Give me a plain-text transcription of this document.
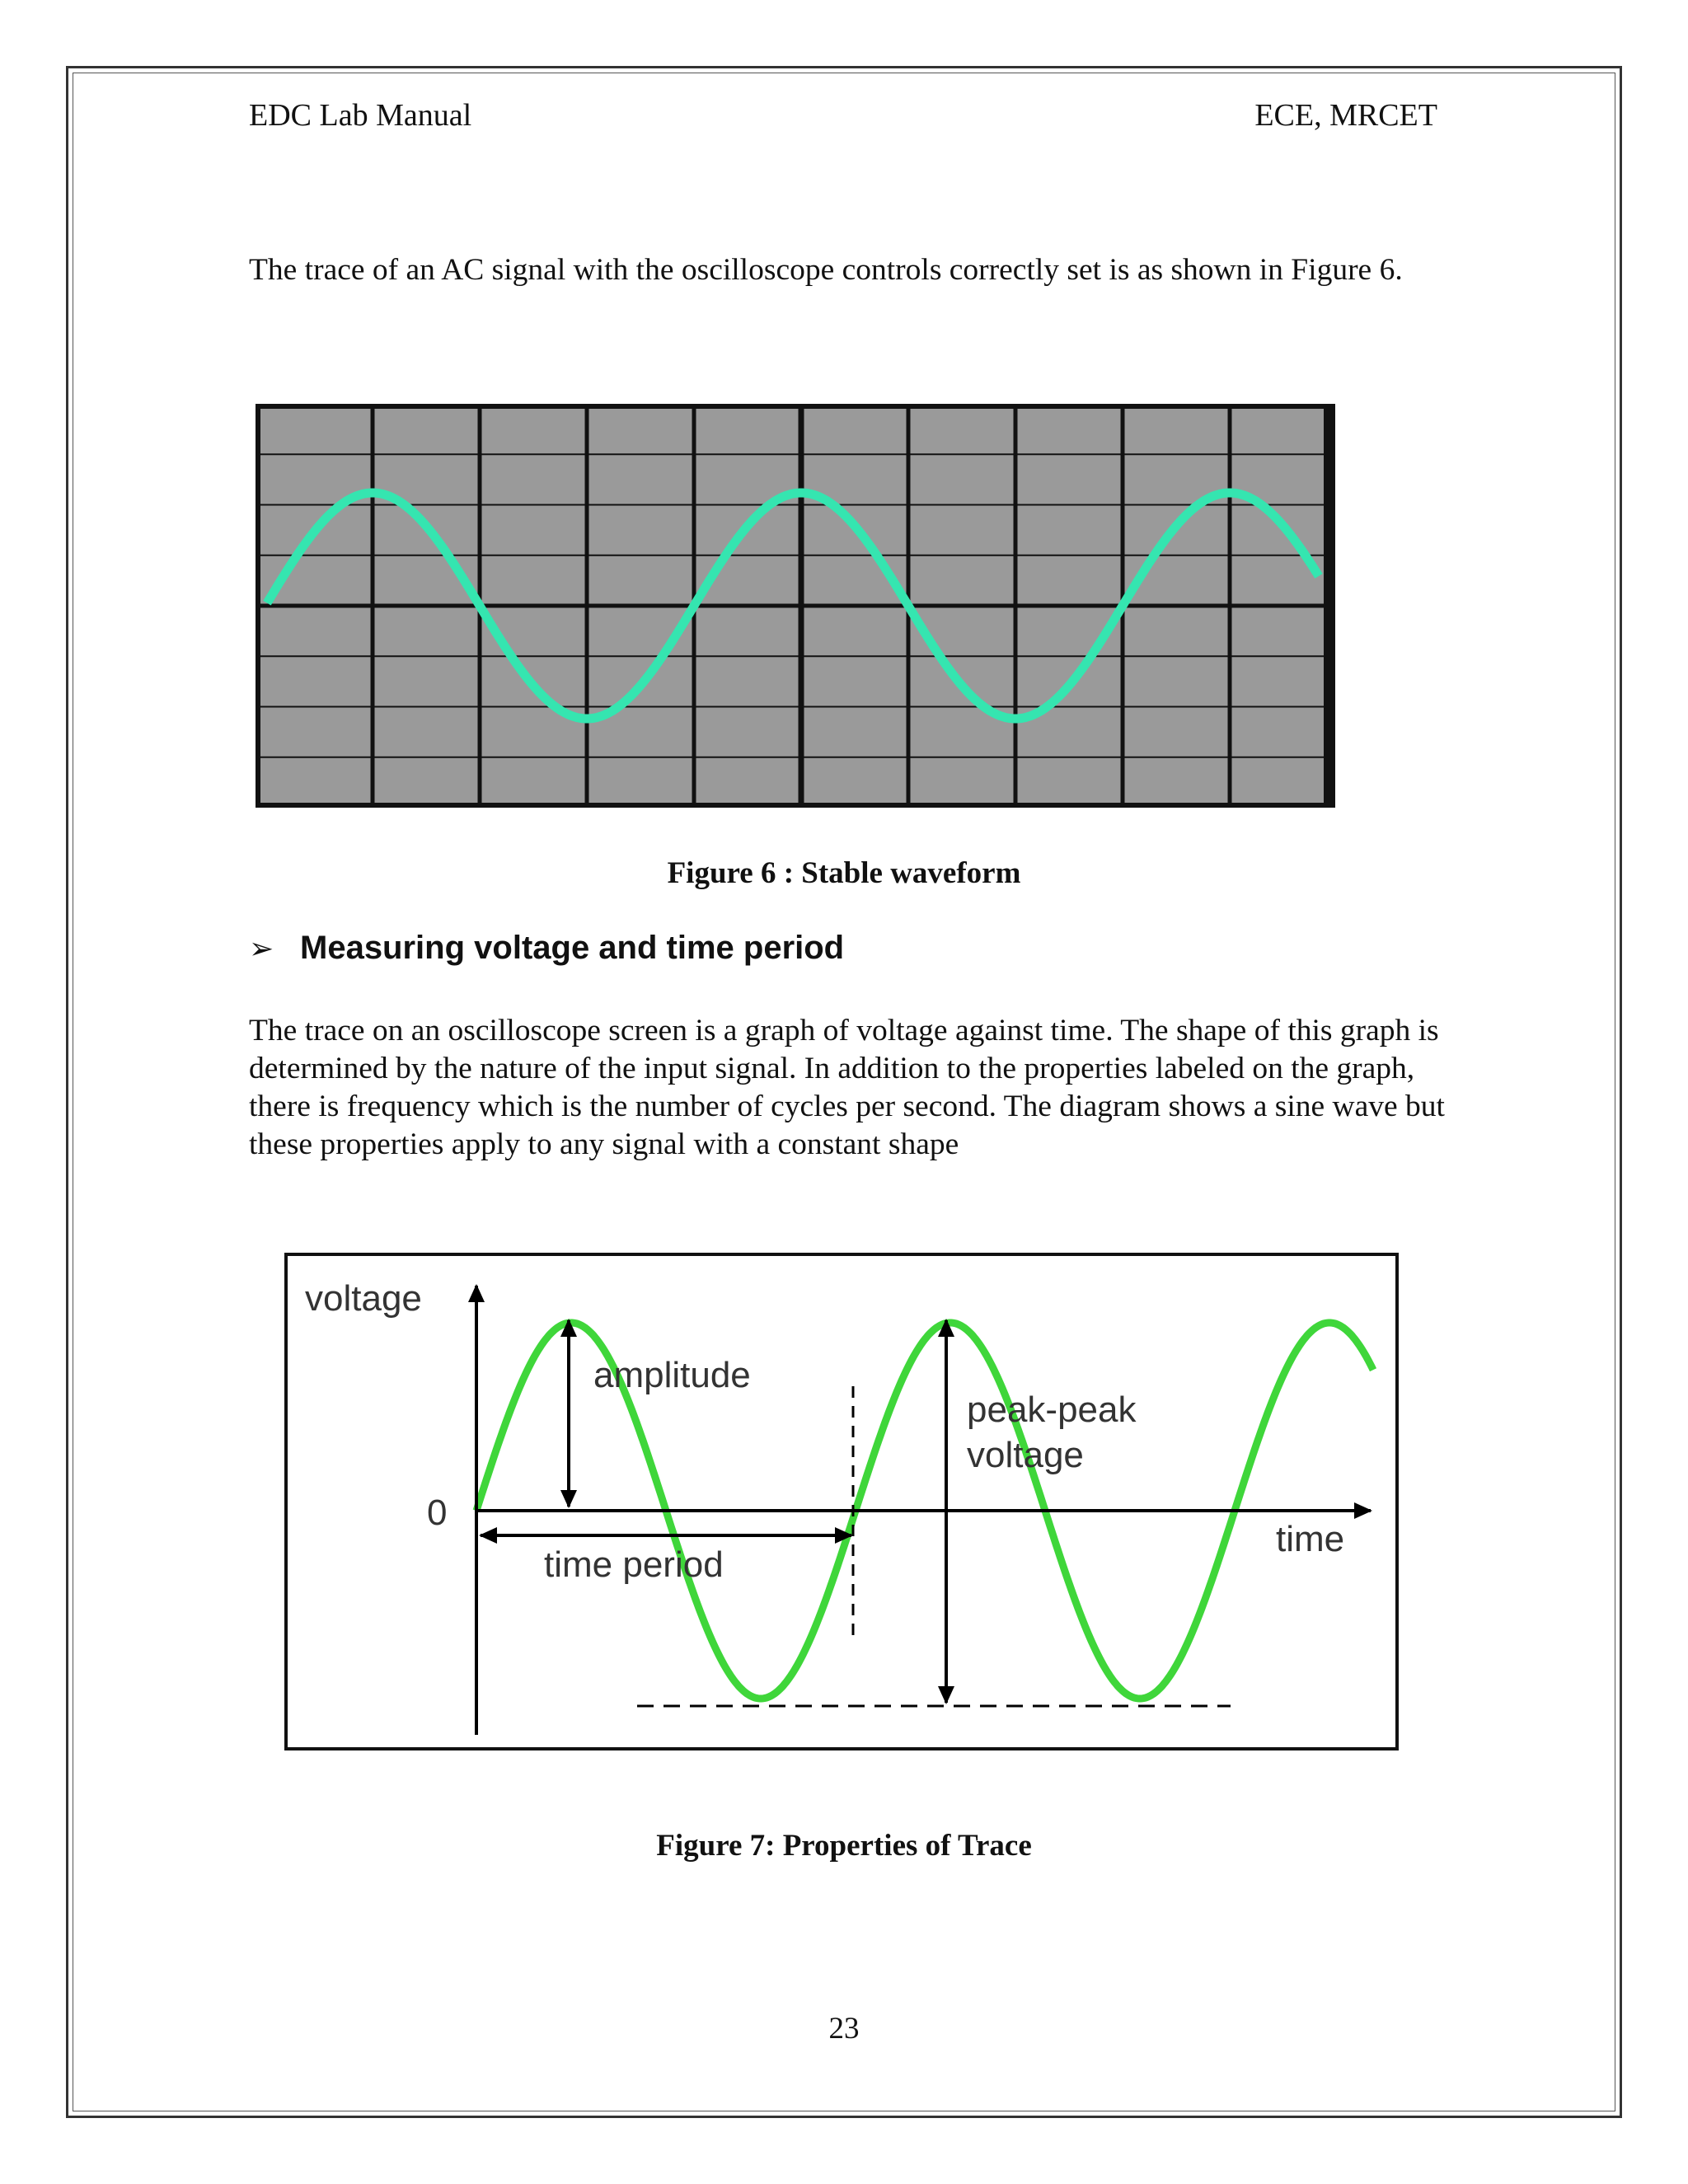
EDC Lab Manual	ECE, MRCET
The trace of an AC signal with the oscilloscope controls correctly set is as shown in Figure 6.
Figure 6 : Stable waveform
➢ Measuring voltage and time period
The trace on an oscilloscope screen is a graph of voltage against time. The shape of this graph is determined by the nature of the input signal. In addition to the properties labeled on the graph, there is frequency which is the number of cycles per second. The diagram shows a sine wave but these properties apply to any signal with a constant shape
voltage
0
amplitude
peak-peak
voltage
time period
time
Figure 7: Properties of Trace
23
